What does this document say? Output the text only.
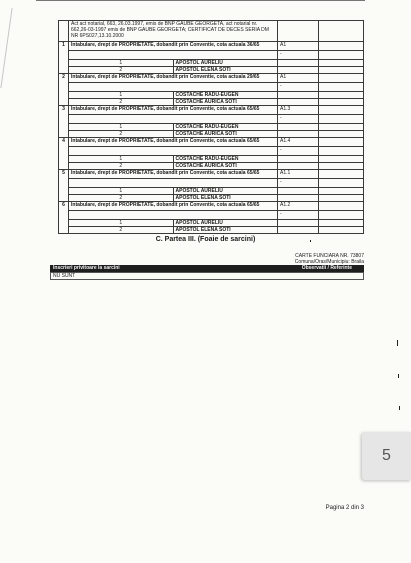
	Act act notarial, 663, 26.03.1997, emis de BNP GAUBE GEORGETA, act notarial nr.
662,26-03-1997 emis de BNP GAUBE GEORGETA; CERTIFICAT DE DECES SERIA DM
NR 6PS027,13.10.2000			

1	Intabulare, drept de PROPRIETATE, dobandit prin Conventie, cota actuala 36/65		A1	
			-	
	1	APOSTOL AURELIU		
	2	APOSTOL ELENA SOTI		
2	Intabulare, drept de PROPRIETATE, dobandit prin Conventie, cota actuala 29/65		A1	
			-	
	1	COSTACHE RADU-EUGEN		
	2	COSTACHE AURICA SOTI		
3	Intabulare, drept de PROPRIETATE, dobandit prin Conventie, cota actuala 65/65		A1.3	
			-	
	1	COSTACHE RADU-EUGEN		
	2	COSTACHE AURICA SOTI		
4	Intabulare, drept de PROPRIETATE, dobandit prin Conventie, cota actuala 65/65		A1.4	
			-	
	1	COSTACHE RADU-EUGEN		
	2	COSTACHE AURICA SOTI		
5	Intabulare, drept de PROPRIETATE, dobandit prin Conventie, cota actuala 65/65		A1.1	
			-	
	1	APOSTOL AURELIU		
	2	APOSTOL ELENA SOTI		
6	Intabulare, drept de PROPRIETATE, dobandit prin Conventie, cota actuala 65/65		A1.2	
			-	
	1	APOSTOL AURELIU		
	2	APOSTOL ELENA SOTI		
C. Partea III. (Foaie de sarcini)
CARTE FUNCIARA NR. 73807
Comuna/Oras/Municipiu: Braila
Inscrieri privitoare la sarcini	Observatii / Referinte
NU SUNT
5
Pagina 2 din 3
